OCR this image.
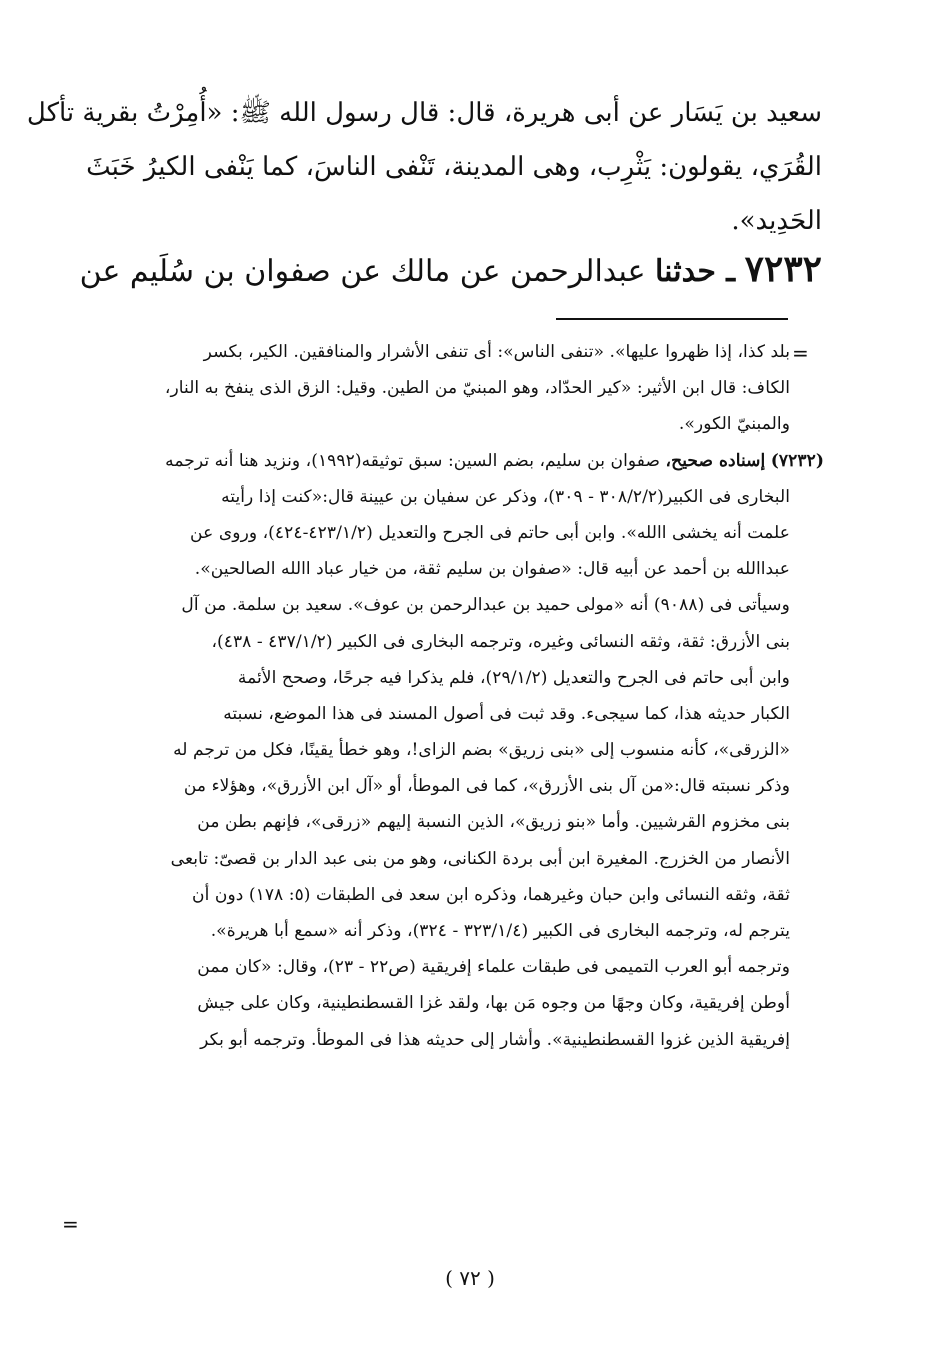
سعيد بن يَسَار عن أبى هريرة، قال: قال رسول الله ﷺ: «أُمِرْتُ بقرية تأكل

القُرَي، يقولون: يَثْرِب، وهى المدينة، تَنْفى الناسَ، كما يَنْفى الكيرُ خَبَثَ

الحَدِيد».

٧٢٣٢ ـ حدثنا عبدالرحمن عن مالك عن صفوان بن سُلَيم عن
=
بلد كذا، إذا ظهروا عليها». «تنفى الناس»: أى تنفى الأشرار والمنافقين. الكير، بكسر
الكاف: قال ابن الأثير: «كير الحدّاد، وهو المبنيّ من الطين. وقيل: الزق الذى ينفخ به النار،
والمبنيّ الكور».
(٧٢٣٢) إسناده صحيح، صفوان بن سليم، بضم السين: سبق توثيقه(١٩٩٢)، ونزيد هنا أنه ترجمه
البخارى فى الكبير(٣٠٨/٢/٢ - ٣٠٩)، وذكر عن سفيان بن عيينة قال:«كنت إذا رأيته
علمت أنه يخشى االله». وابن أبى حاتم فى الجرح والتعديل (٤٢٣/١/٢-٤٢٤)، وروى عن
عبداالله بن أحمد عن أبيه قال: «صفوان بن سليم ثقة، من خيار عباد االله الصالحين».
وسيأتى فى (٩٠٨٨) أنه «مولى حميد بن عبدالرحمن بن عوف». سعيد بن سلمة. من آل
بنى الأزرق: ثقة، وثقه النسائى وغيره، وترجمه البخارى فى الكبير (٤٣٧/١/٢ - ٤٣٨)،
وابن أبى حاتم فى الجرح والتعديل (٢٩/١/٢)، فلم يذكرا فيه جرحًا، وصحح الأئمة
الكبار حديثه هذا، كما سيجىء. وقد ثبت فى أصول المسند فى هذا الموضع، نسبته
«الزرقى»، كأنه منسوب إلى «بنى زريق» بضم الزاى!، وهو خطأ يقينًا، فكل من ترجم له
وذكر نسبته قال:«من آل بنى الأزرق»، كما فى الموطأ، أو «آل ابن الأزرق»، وهؤلاء من
بنى مخزوم القرشيين. وأما «بنو زريق»، الذين النسبة إليهم «زرقى»، فإنهم بطن من
الأنصار من الخزرج. المغيرة ابن أبى بردة الكنانى، وهو من بنى عبد الدار بن قصىّ: تابعى
ثقة، وثقه النسائى وابن حبان وغيرهما، وذكره ابن سعد فى الطبقات (٥: ١٧٨) دون أن
يترجم له، وترجمه البخارى فى الكبير (٣٢٣/١/٤ - ٣٢٤)، وذكر أنه «سمع أبا هريرة».
وترجمه أبو العرب التميمى فى طبقات علماء إفريقية (ص٢٢ - ٢٣)، وقال: «كان ممن
أوطن إفريقية، وكان وجهًا من وجوه مَن بها، ولقد غزا القسطنطينية، وكان على جيش
إفريقية الذين غزوا القسطنطينية». وأشار إلى حديثه هذا فى الموطأ. وترجمه أبو بكر
=
( ٧٢ )
